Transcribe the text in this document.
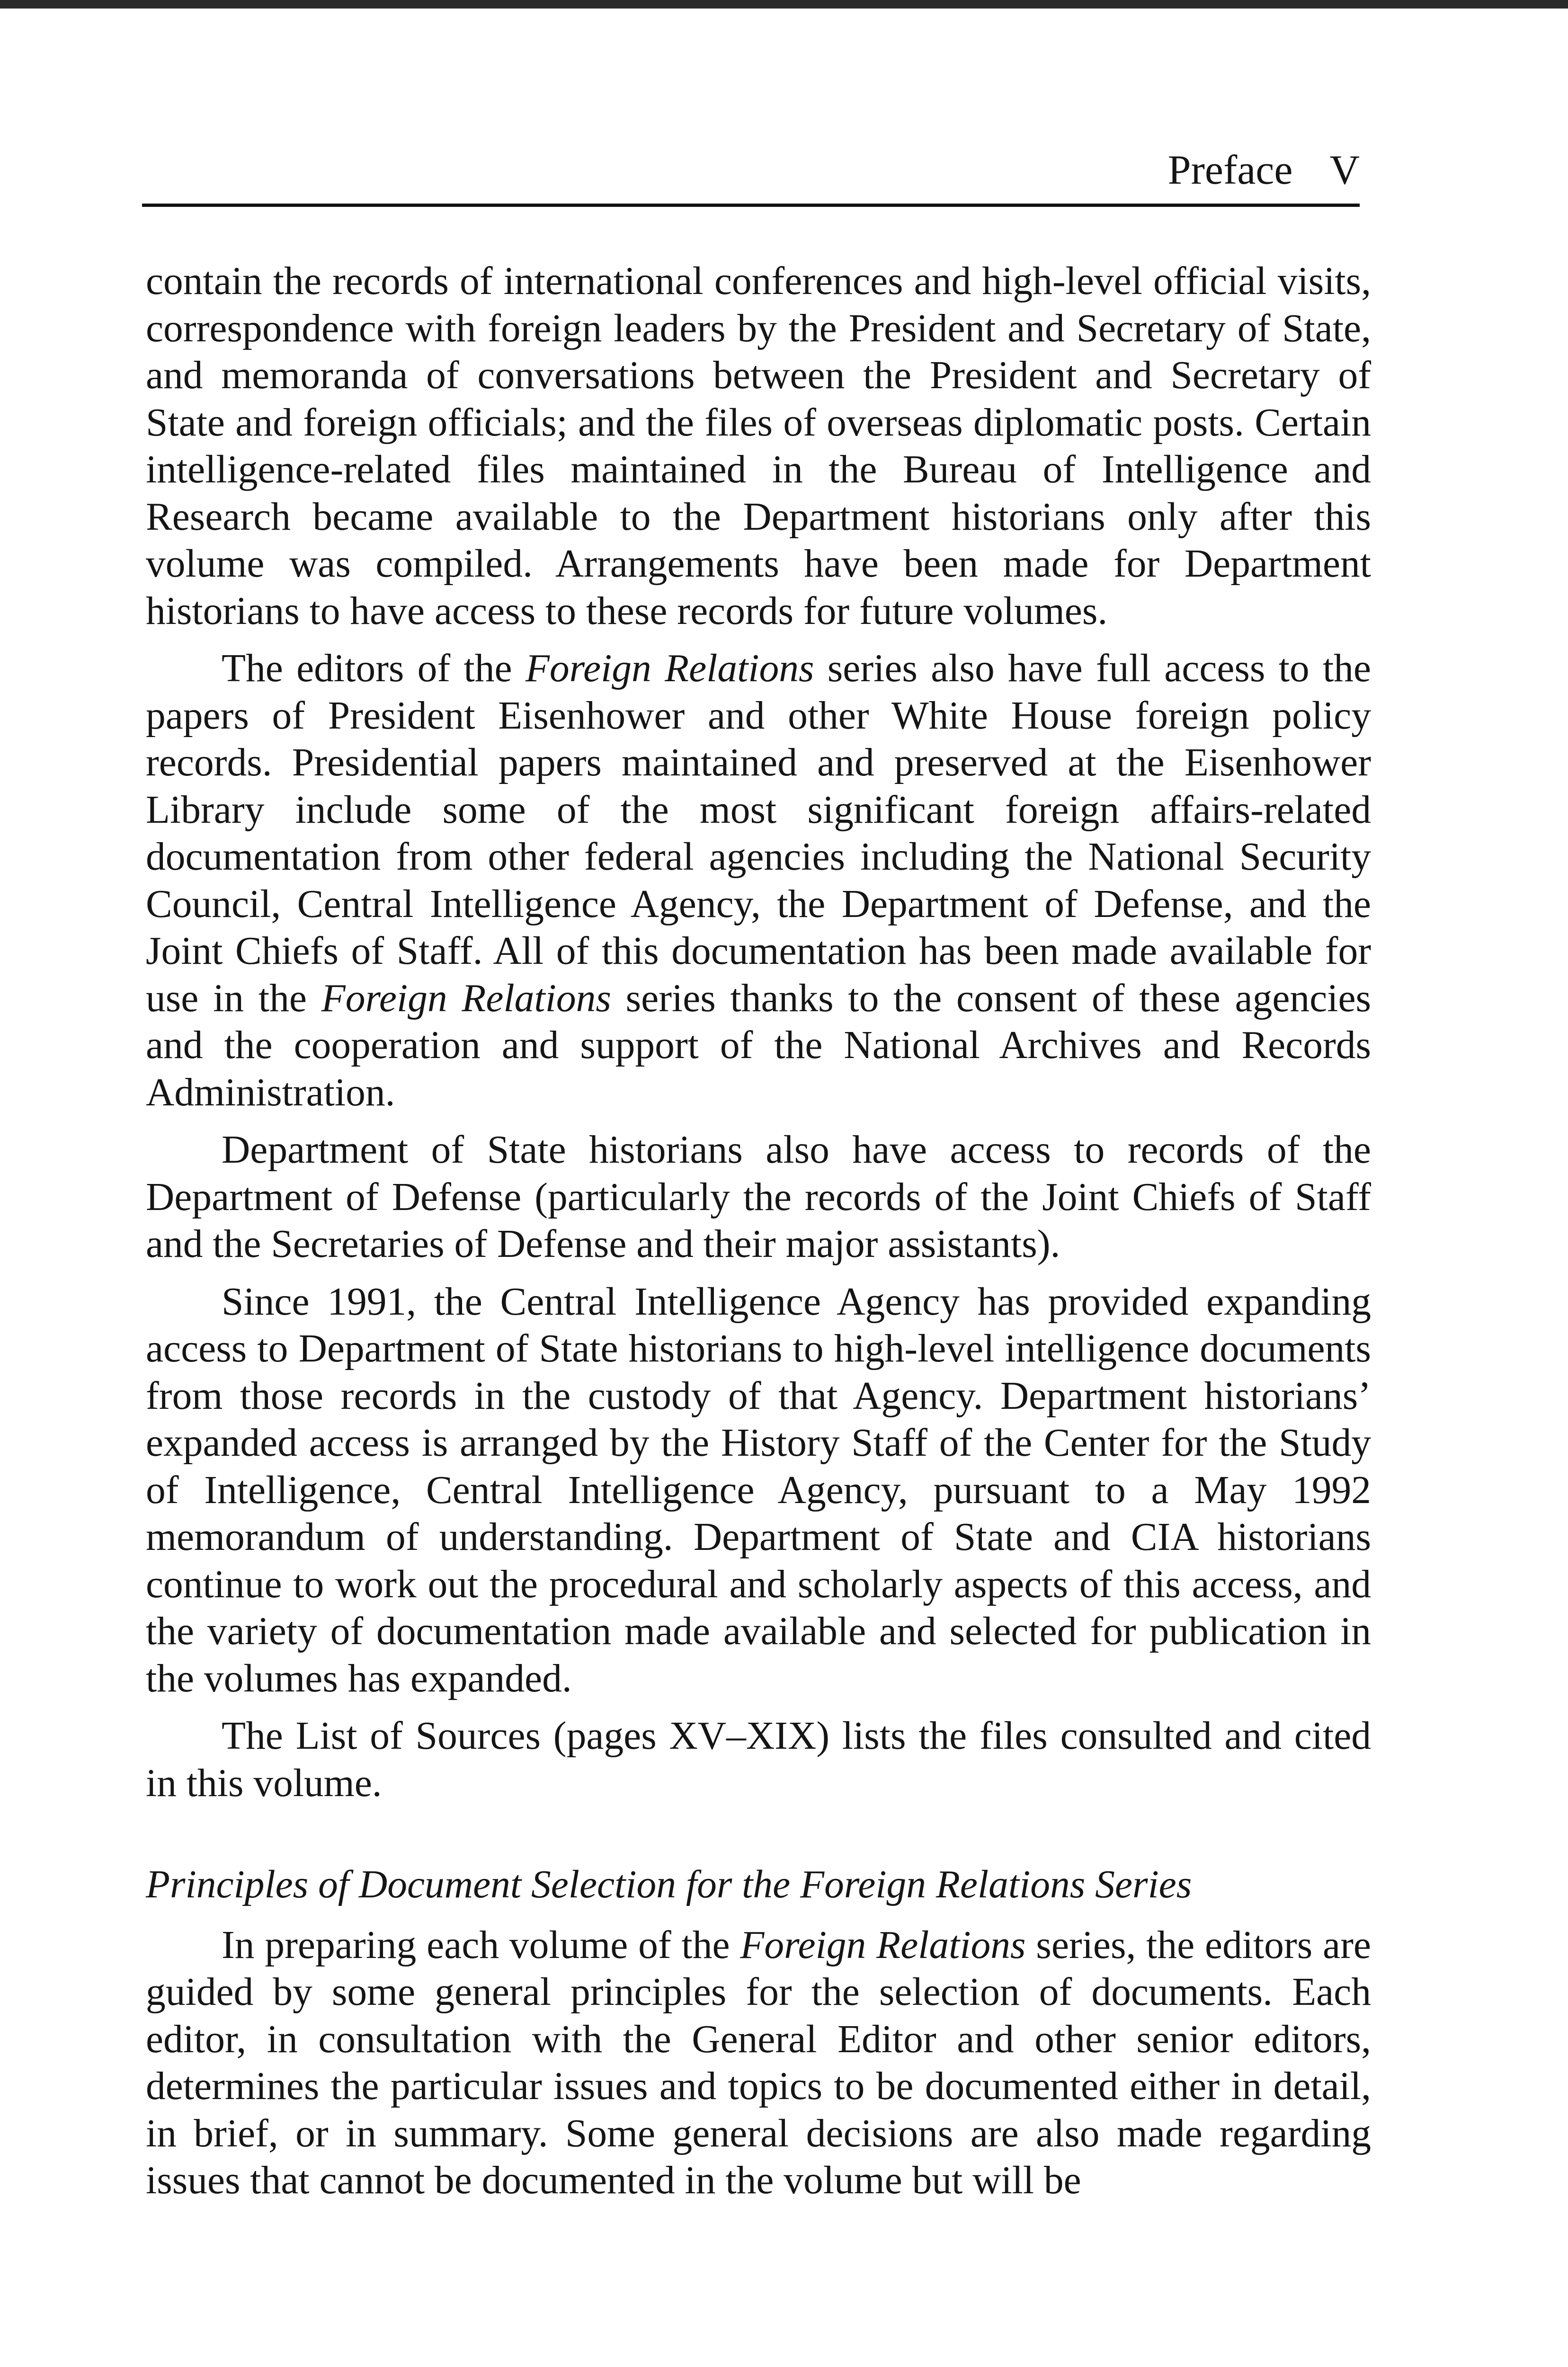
Preface V

contain the records of international conferences and high-level official visits, correspondence with foreign leaders by the President and Secretary of State, and memoranda of conversations between the President and Secretary of State and foreign officials; and the files of overseas diplomatic posts. Certain intelligence-related files maintained in the Bureau of Intelligence and Research became available to the Department historians only after this volume was compiled. Arrangements have been made for Department historians to have access to these records for future volumes.

The editors of the Foreign Relations series also have full access to the papers of President Eisenhower and other White House foreign policy records. Presidential papers maintained and preserved at the Eisenhower Library include some of the most significant foreign affairs-related documentation from other federal agencies including the National Security Council, Central Intelligence Agency, the Department of Defense, and the Joint Chiefs of Staff. All of this documentation has been made available for use in the Foreign Relations series thanks to the consent of these agencies and the cooperation and support of the National Archives and Records Administration.

Department of State historians also have access to records of the Department of Defense (particularly the records of the Joint Chiefs of Staff and the Secretaries of Defense and their major assistants).

Since 1991, the Central Intelligence Agency has provided expanding access to Department of State historians to high-level intelligence documents from those records in the custody of that Agency. Department historians’ expanded access is arranged by the History Staff of the Center for the Study of Intelligence, Central Intelligence Agency, pursuant to a May 1992 memorandum of understanding. Department of State and CIA historians continue to work out the procedural and scholarly aspects of this access, and the variety of documentation made available and selected for publication in the volumes has expanded.

The List of Sources (pages XV–XIX) lists the files consulted and cited in this volume.

Principles of Document Selection for the Foreign Relations Series

In preparing each volume of the Foreign Relations series, the editors are guided by some general principles for the selection of documents. Each editor, in consultation with the General Editor and other senior editors, determines the particular issues and topics to be documented either in detail, in brief, or in summary. Some general decisions are also made regarding issues that cannot be documented in the volume but will be
